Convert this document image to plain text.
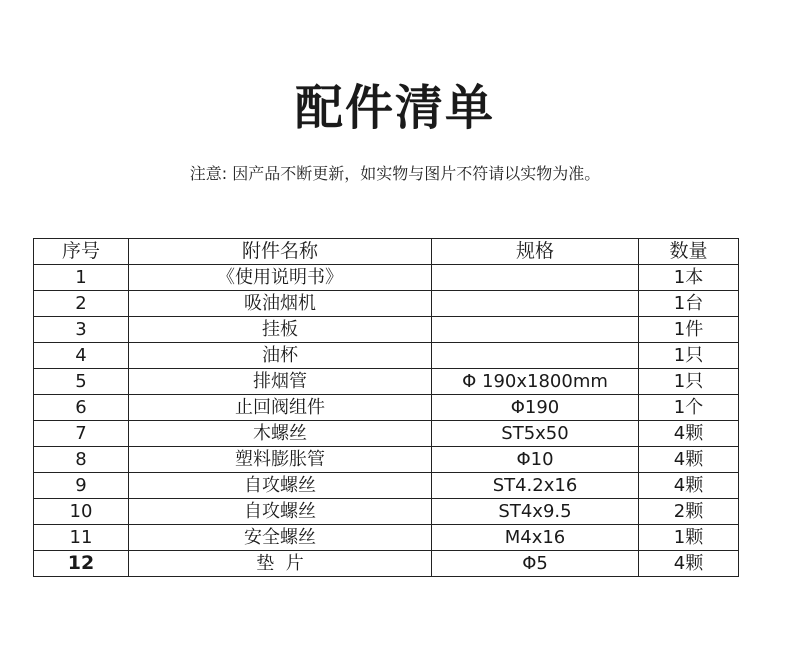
配件清单
注意: 因产品不断更新，如实物与图片不符请以实物为准。
序号	附件名称	规格	数量
1	《使用说明书》		1本
2	吸油烟机		1台
3	挂板		1件
4	油杯		1只
5	排烟管	Φ 190x1800mm	1只
6	止回阀组件	Φ190	1个
7	木螺丝	ST5x50	4颗
8	塑料膨胀管	Φ10	4颗
9	自攻螺丝	ST4.2x16	4颗
10	自攻螺丝	ST4x9.5	2颗
11	安全螺丝	M4x16	1颗
12	垫  片	Φ5	4颗
